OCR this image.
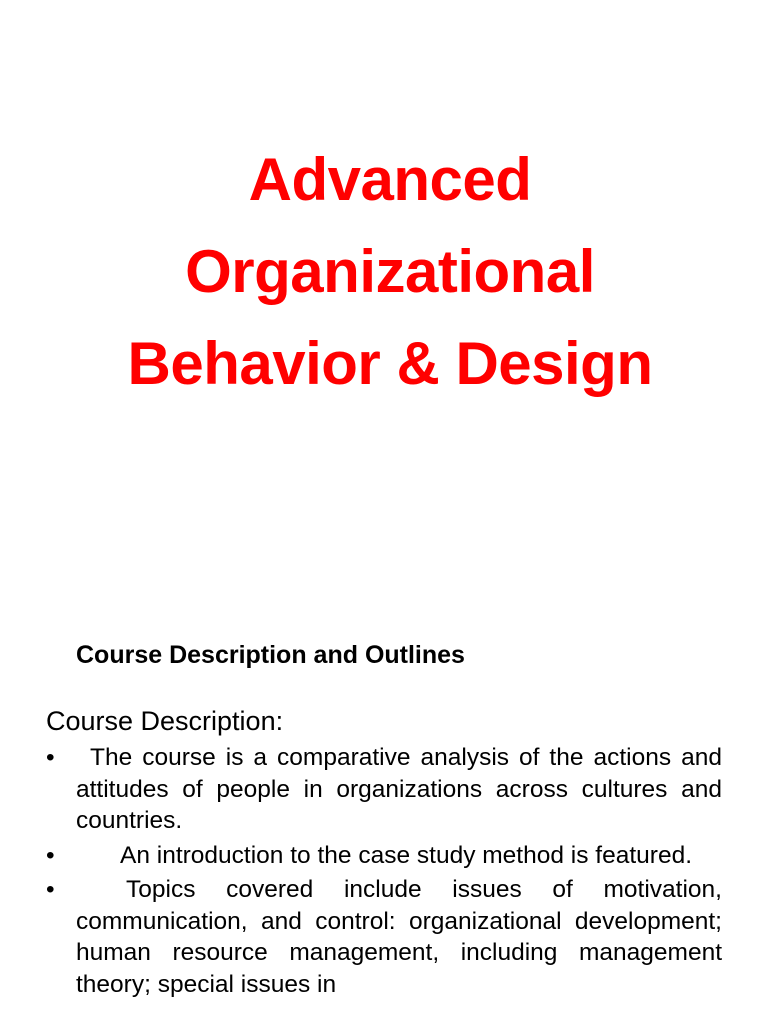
Advanced
Organizational
Behavior & Design
Course Description and Outlines
Course Description:
•	The course is a comparative analysis of the actions and attitudes of people in organizations across cultures and countries.
•	An introduction to the case study method is featured.
•	Topics covered include issues of motivation, communication, and control: organizational development; human resource management, including management theory; special issues in
